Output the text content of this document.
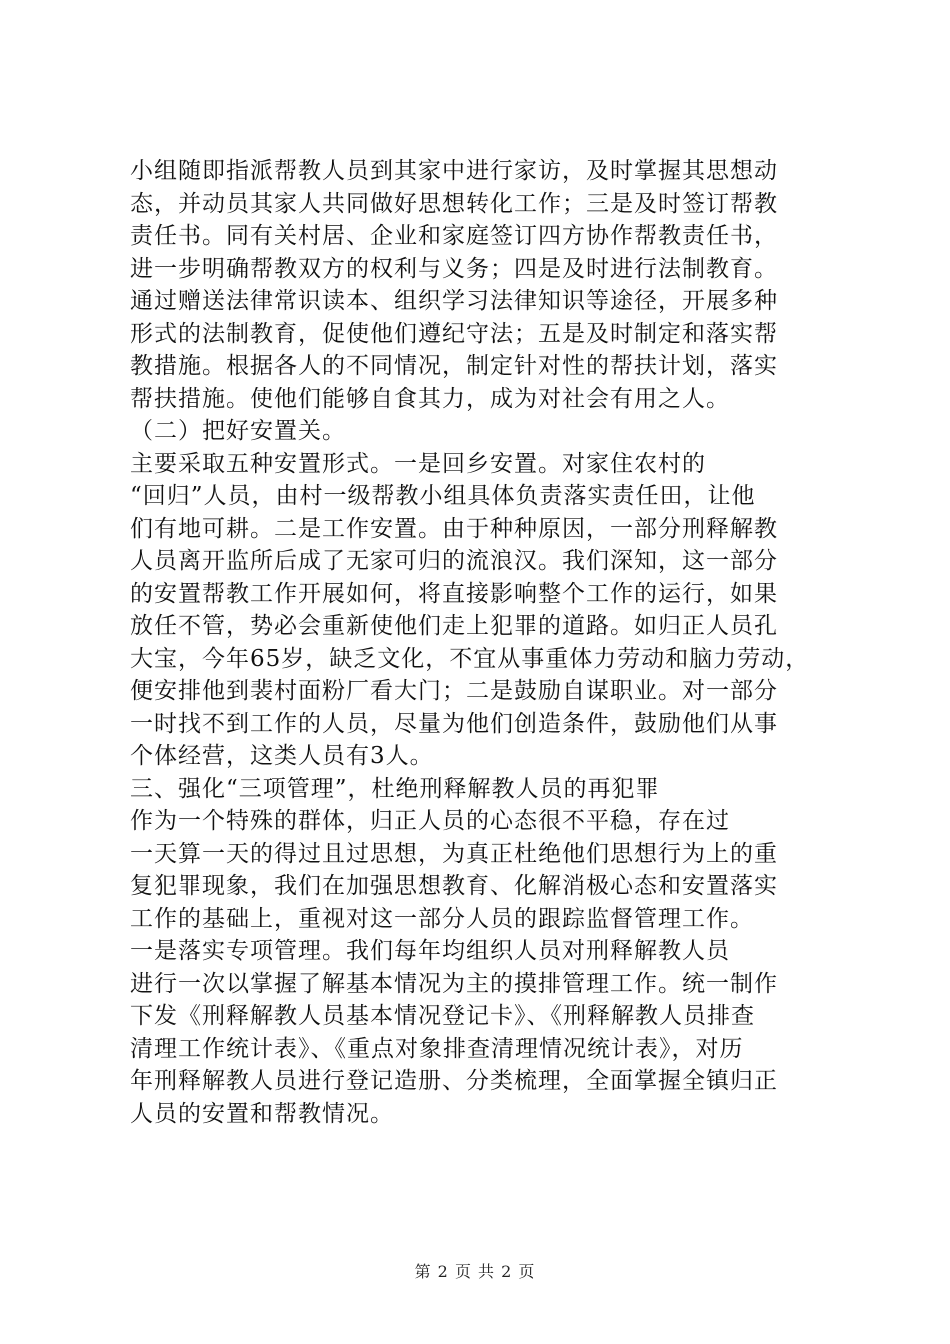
小组随即指派帮教人员到其家中进行家访，及时掌握其思想动
态，并动员其家人共同做好思想转化工作；三是及时签订帮教
责任书。同有关村居、企业和家庭签订四方协作帮教责任书，
进一步明确帮教双方的权利与义务；四是及时进行法制教育。
通过赠送法律常识读本、组织学习法律知识等途径，开展多种
形式的法制教育，促使他们遵纪守法；五是及时制定和落实帮
教措施。根据各人的不同情况，制定针对性的帮扶计划，落实
帮扶措施。使他们能够自食其力，成为对社会有用之人。
（二）把好安置关。
主要采取五种安置形式。一是回乡安置。对家住农村的
“回归”人员，由村一级帮教小组具体负责落实责任田，让他
们有地可耕。二是工作安置。由于种种原因，一部分刑释解教
人员离开监所后成了无家可归的流浪汉。我们深知，这一部分
的安置帮教工作开展如何，将直接影响整个工作的运行，如果
放任不管，势必会重新使他们走上犯罪的道路。如归正人员孔
大宝，今年65岁，缺乏文化，不宜从事重体力劳动和脑力劳动，
便安排他到裴村面粉厂看大门；二是鼓励自谋职业。对一部分
一时找不到工作的人员，尽量为他们创造条件，鼓励他们从事
个体经营，这类人员有3人。
三、强化“三项管理”，杜绝刑释解教人员的再犯罪
作为一个特殊的群体，归正人员的心态很不平稳，存在过
一天算一天的得过且过思想，为真正杜绝他们思想行为上的重
复犯罪现象，我们在加强思想教育、化解消极心态和安置落实
工作的基础上，重视对这一部分人员的跟踪监督管理工作。
一是落实专项管理。我们每年均组织人员对刑释解教人员
进行一次以掌握了解基本情况为主的摸排管理工作。统一制作
下发《刑释解教人员基本情况登记卡》、《刑释解教人员排查
清理工作统计表》、《重点对象排查清理情况统计表》，对历
年刑释解教人员进行登记造册、分类梳理，全面掌握全镇归正
人员的安置和帮教情况。
第 2 页 共 2 页
